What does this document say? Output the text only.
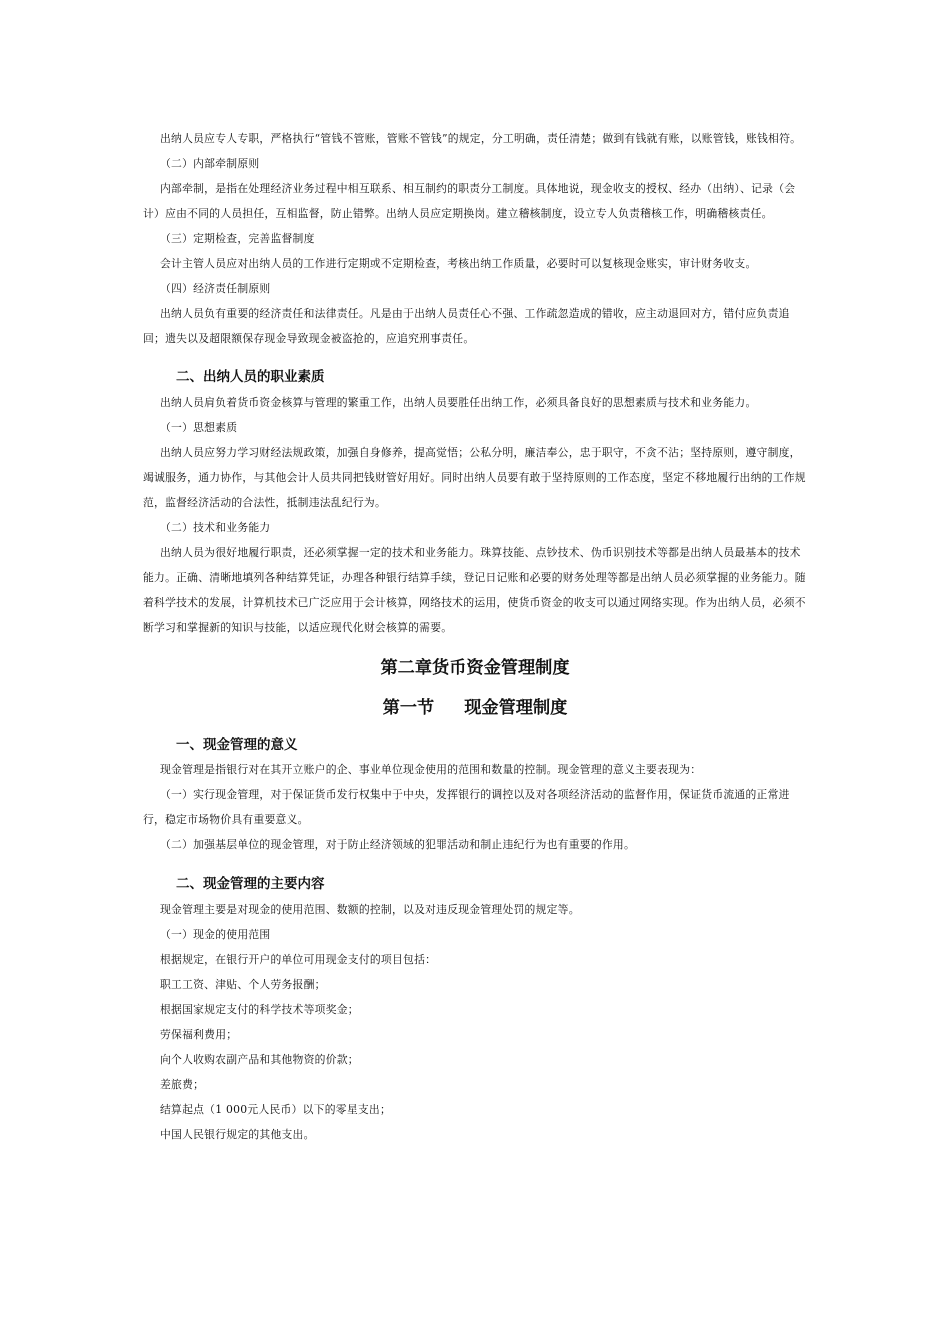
出纳人员应专人专职，严格执行“管钱不管账，管账不管钱”的规定，分工明确，责任清楚；做到有钱就有账，以账管钱，账钱相符。

（二）内部牵制原则

内部牵制，是指在处理经济业务过程中相互联系、相互制约的职责分工制度。具体地说，现金收支的授权、经办（出纳）、记录（会计）应由不同的人员担任，互相监督，防止错弊。出纳人员应定期换岗。建立稽核制度，设立专人负责稽核工作，明确稽核责任。

（三）定期检查，完善监督制度

会计主管人员应对出纳人员的工作进行定期或不定期检查，考核出纳工作质量，必要时可以复核现金账实，审计财务收支。

（四）经济责任制原则

出纳人员负有重要的经济责任和法律责任。凡是由于出纳人员责任心不强、工作疏忽造成的错收，应主动退回对方，错付应负责追回；遗失以及超限额保存现金导致现金被盗抢的，应追究刑事责任。

二、出纳人员的职业素质

出纳人员肩负着货币资金核算与管理的繁重工作，出纳人员要胜任出纳工作，必须具备良好的思想素质与技术和业务能力。

（一）思想素质

出纳人员应努力学习财经法规政策，加强自身修养，提高觉悟；公私分明，廉洁奉公，忠于职守，不贪不沾；坚持原则，遵守制度，竭诚服务，通力协作，与其他会计人员共同把钱财管好用好。同时出纳人员要有敢于坚持原则的工作态度，坚定不移地履行出纳的工作规范，监督经济活动的合法性，抵制违法乱纪行为。

（二）技术和业务能力

出纳人员为很好地履行职责，还必须掌握一定的技术和业务能力。珠算技能、点钞技术、伪币识别技术等都是出纳人员最基本的技术能力。正确、清晰地填列各种结算凭证，办理各种银行结算手续，登记日记账和必要的财务处理等都是出纳人员必须掌握的业务能力。随着科学技术的发展，计算机技术已广泛应用于会计核算，网络技术的运用，使货币资金的收支可以通过网络实现。作为出纳人员，必须不断学习和掌握新的知识与技能，以适应现代化财会核算的需要。

第二章货币资金管理制度
第一节 现金管理制度
一、现金管理的意义

现金管理是指银行对在其开立账户的企、事业单位现金使用的范围和数量的控制。现金管理的意义主要表现为：

（一）实行现金管理，对于保证货币发行权集中于中央，发挥银行的调控以及对各项经济活动的监督作用，保证货币流通的正常进行，稳定市场物价具有重要意义。

（二）加强基层单位的现金管理，对于防止经济领域的犯罪活动和制止违纪行为也有重要的作用。

二、现金管理的主要内容

现金管理主要是对现金的使用范围、数额的控制，以及对违反现金管理处罚的规定等。

（一）现金的使用范围

根据规定，在银行开户的单位可用现金支付的项目包括：

职工工资、津贴、个人劳务报酬；

根据国家规定支付的科学技术等项奖金；

劳保福利费用；

向个人收购农副产品和其他物资的价款；

差旅费；

结算起点（1 000元人民币）以下的零星支出；

中国人民银行规定的其他支出。
